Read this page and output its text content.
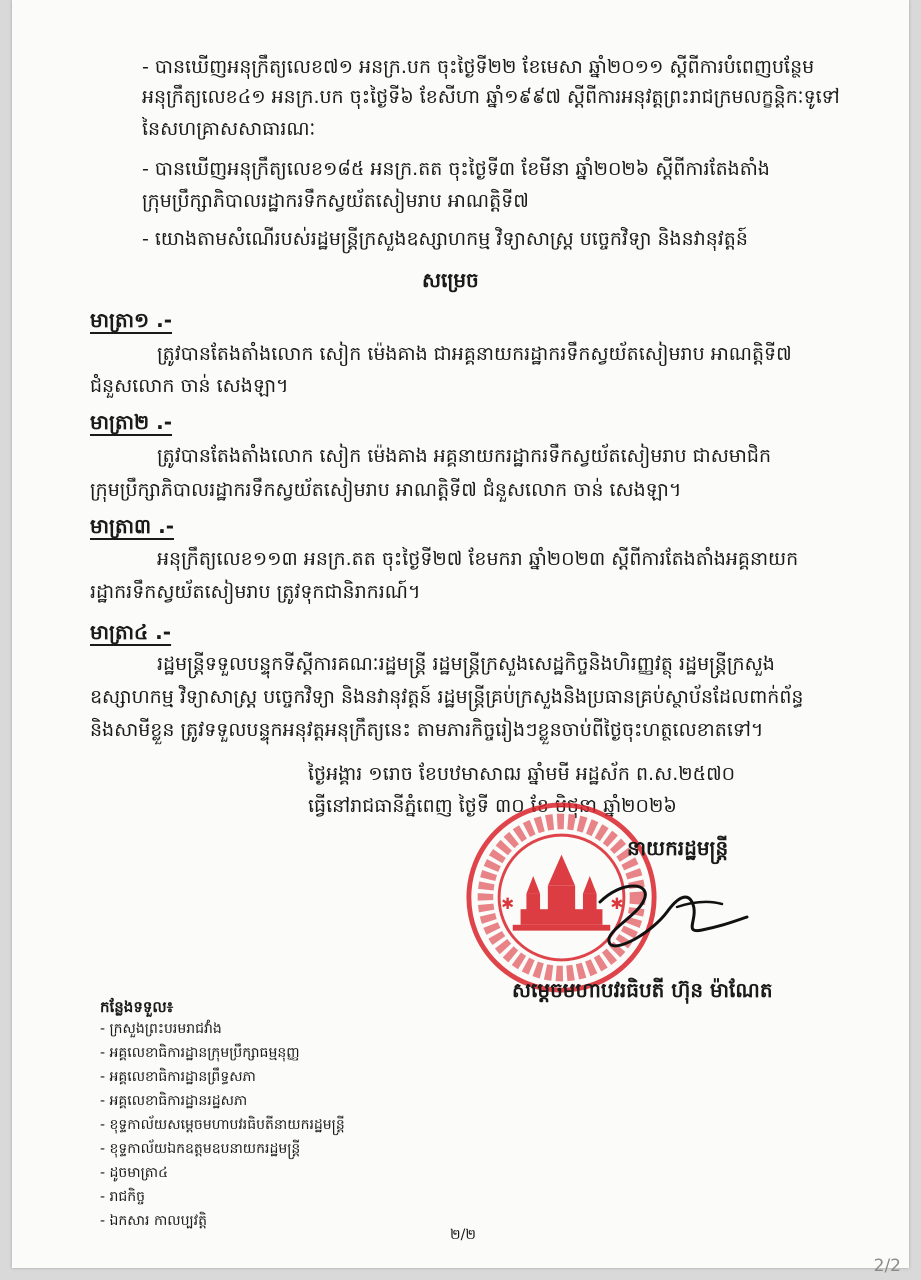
- បានឃើញអនុក្រឹត្យលេខ៧១ អនក្រ.បក ចុះថ្ងៃទី២២ ខែមេសា ឆ្នាំ២០១១ ស្តីពីការបំពេញបន្ថែម
អនុក្រឹត្យលេខ៤១ អនក្រ.បក ចុះថ្ងៃទី៦ ខែសីហា ឆ្នាំ១៩៩៧ ស្តីពីការអនុវត្តព្រះរាជក្រមលក្ខន្តិកៈទូទៅ
នៃសហគ្រាសសាធារណៈ
- បានឃើញអនុក្រឹត្យលេខ១៨៥ អនក្រ.តត ចុះថ្ងៃទី៣ ខែមីនា ឆ្នាំ២០២៦ ស្តីពីការតែងតាំង
ក្រុមប្រឹក្សាភិបាលរដ្ឋាករទឹកស្វយ័តសៀមរាប អាណត្តិទី៧
- យោងតាមសំណើរបស់រដ្ឋមន្ត្រីក្រសួងឧស្សាហកម្ម វិទ្យាសាស្ត្រ បច្ចេកវិទ្យា និងនវានុវត្តន៍
សម្រេច
មាត្រា១ .-
ត្រូវបានតែងតាំងលោក សៀក ម៉េងគាង ជាអគ្គនាយករដ្ឋាករទឹកស្វយ័តសៀមរាប អាណត្តិទី៧
ជំនួសលោក ចាន់ សេងឡា។
មាត្រា២ .-
ត្រូវបានតែងតាំងលោក សៀក ម៉េងគាង អគ្គនាយករដ្ឋាករទឹកស្វយ័តសៀមរាប ជាសមាជិក
ក្រុមប្រឹក្សាភិបាលរដ្ឋាករទឹកស្វយ័តសៀមរាប អាណត្តិទី៧ ជំនួសលោក ចាន់ សេងឡា។
មាត្រា៣ .-
អនុក្រឹត្យលេខ១១៣ អនក្រ.តត ចុះថ្ងៃទី២៧ ខែមករា ឆ្នាំ២០២៣ ស្តីពីការតែងតាំងអគ្គនាយក
រដ្ឋាករទឹកស្វយ័តសៀមរាប ត្រូវទុកជានិរាករណ៍។
មាត្រា៤ .-
រដ្ឋមន្ត្រីទទួលបន្ទុកទីស្តីការគណៈរដ្ឋមន្ត្រី រដ្ឋមន្ត្រីក្រសួងសេដ្ឋកិច្ចនិងហិរញ្ញវត្ថុ រដ្ឋមន្ត្រីក្រសួង
ឧស្សាហកម្ម វិទ្យាសាស្ត្រ បច្ចេកវិទ្យា និងនវានុវត្តន៍ រដ្ឋមន្ត្រីគ្រប់ក្រសួងនិងប្រធានគ្រប់ស្ថាប័នដែលពាក់ព័ន្ធ
និងសាមីខ្លួន ត្រូវទទួលបន្ទុកអនុវត្តអនុក្រឹត្យនេះ តាមភារកិច្ចរៀងៗខ្លួនចាប់ពីថ្ងៃចុះហត្ថលេខាតទៅ។
ថ្ងៃអង្គារ ១រោច ខែបឋមាសាឍ ឆ្នាំមមី អដ្ឋស័ក ព.ស.២៥៧០
ធ្វើនៅរាជធានីភ្នំពេញ ថ្ងៃទី ៣០ ខែ មិថុនា ឆ្នាំ២០២៦
✱	✱
នាយករដ្ឋមន្ត្រី
សម្តេចមហាបវរធិបតី ហ៊ុន ម៉ាណែត
កន្លែងទទួល៖
- ក្រសួងព្រះបរមរាជវាំង
- អគ្គលេខាធិការដ្ឋានក្រុមប្រឹក្សាធម្មនុញ្ញ
- អគ្គលេខាធិការដ្ឋានព្រឹទ្ធសភា
- អគ្គលេខាធិការដ្ឋានរដ្ឋសភា
- ខុទ្ទកាល័យសម្តេចមហាបវរធិបតីនាយករដ្ឋមន្ត្រី
- ខុទ្ទកាល័យឯកឧត្តមឧបនាយករដ្ឋមន្ត្រី
- ដូចមាត្រា៤
- រាជកិច្ច
- ឯកសារ កាលប្បវត្តិ
២/២
2/2
